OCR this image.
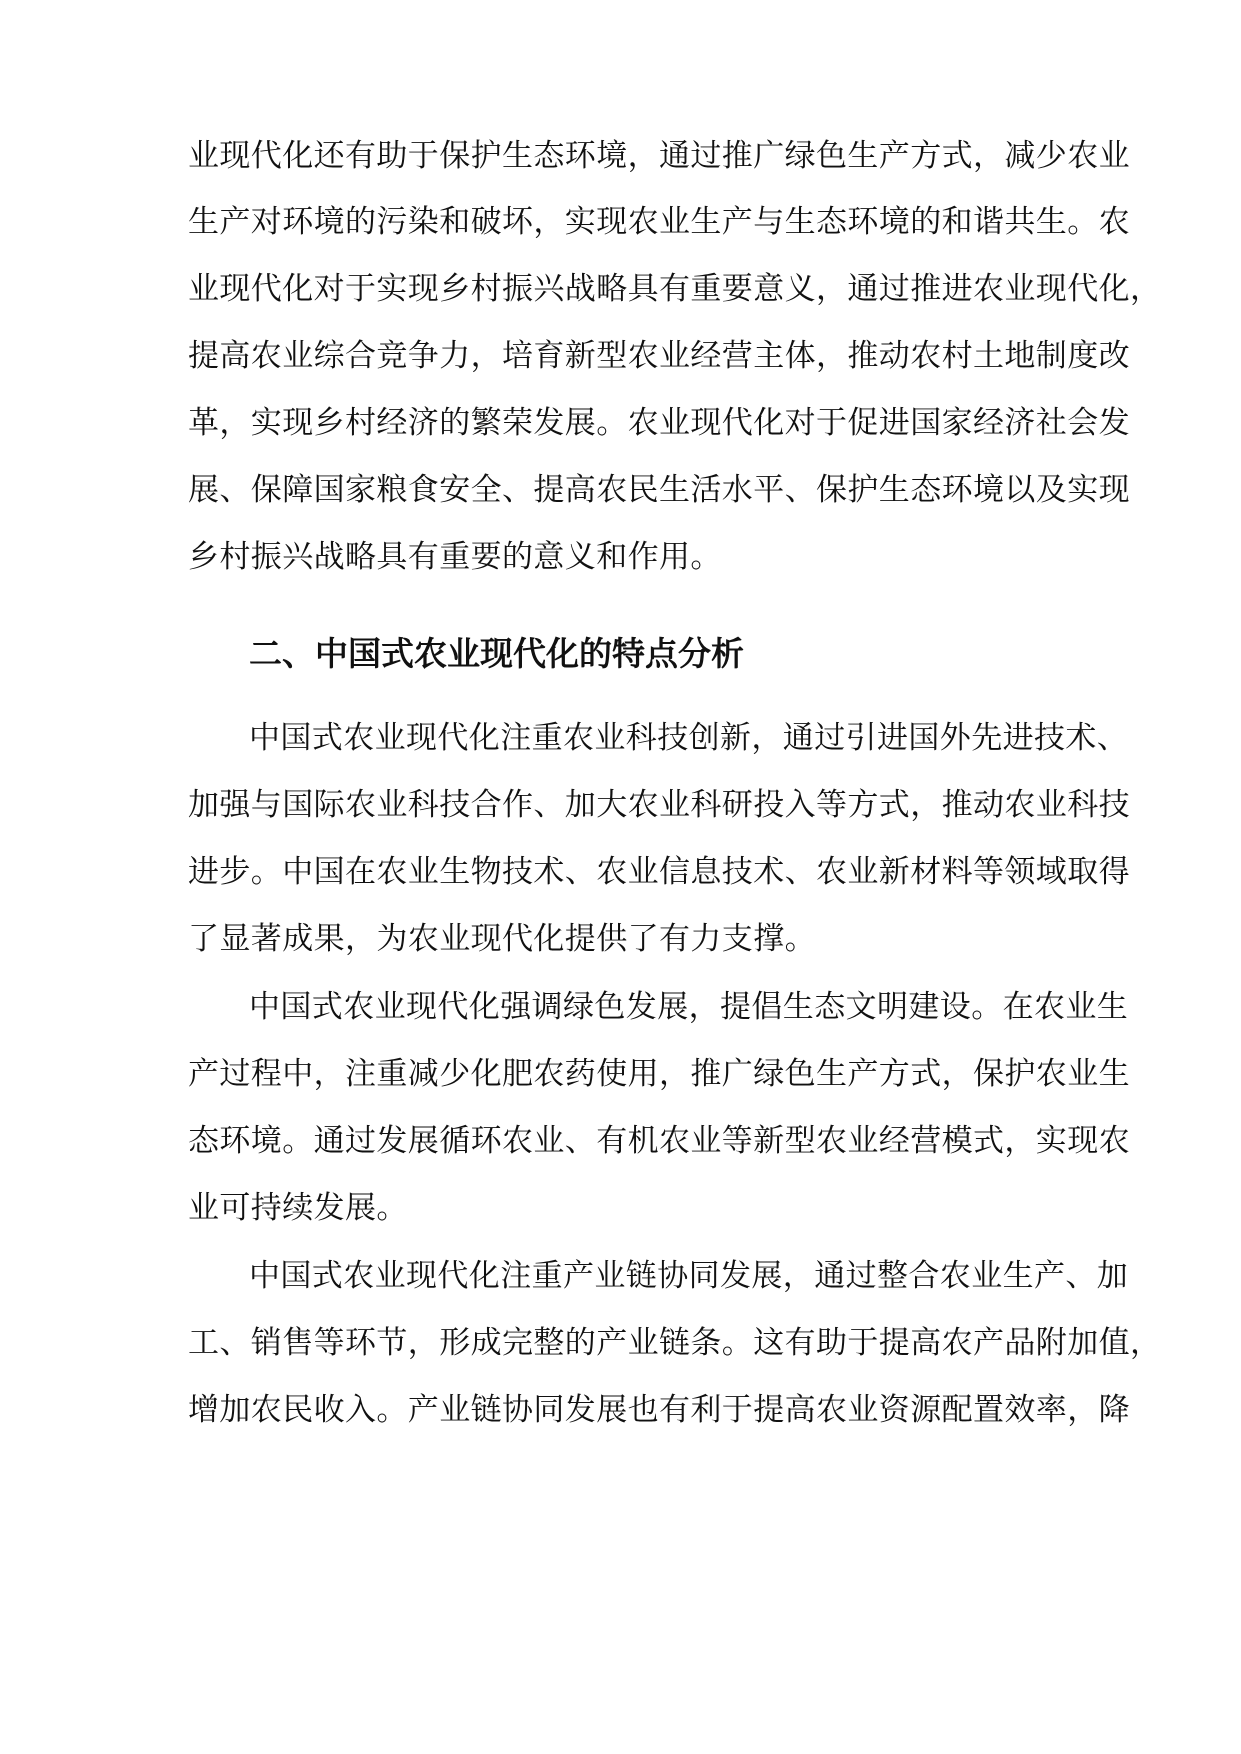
业现代化还有助于保护生态环境，通过推广绿色生产方式，减少农业

生产对环境的污染和破坏，实现农业生产与生态环境的和谐共生。农

业现代化对于实现乡村振兴战略具有重要意义，通过推进农业现代化，

提高农业综合竞争力，培育新型农业经营主体，推动农村土地制度改

革，实现乡村经济的繁荣发展。农业现代化对于促进国家经济社会发

展、保障国家粮食安全、提高农民生活水平、保护生态环境以及实现

乡村振兴战略具有重要的意义和作用。

二、中国式农业现代化的特点分析

中国式农业现代化注重农业科技创新，通过引进国外先进技术、

加强与国际农业科技合作、加大农业科研投入等方式，推动农业科技

进步。中国在农业生物技术、农业信息技术、农业新材料等领域取得

了显著成果，为农业现代化提供了有力支撑。

中国式农业现代化强调绿色发展，提倡生态文明建设。在农业生

产过程中，注重减少化肥农药使用，推广绿色生产方式，保护农业生

态环境。通过发展循环农业、有机农业等新型农业经营模式，实现农

业可持续发展。

中国式农业现代化注重产业链协同发展，通过整合农业生产、加

工、销售等环节，形成完整的产业链条。这有助于提高农产品附加值，

增加农民收入。产业链协同发展也有利于提高农业资源配置效率，降
